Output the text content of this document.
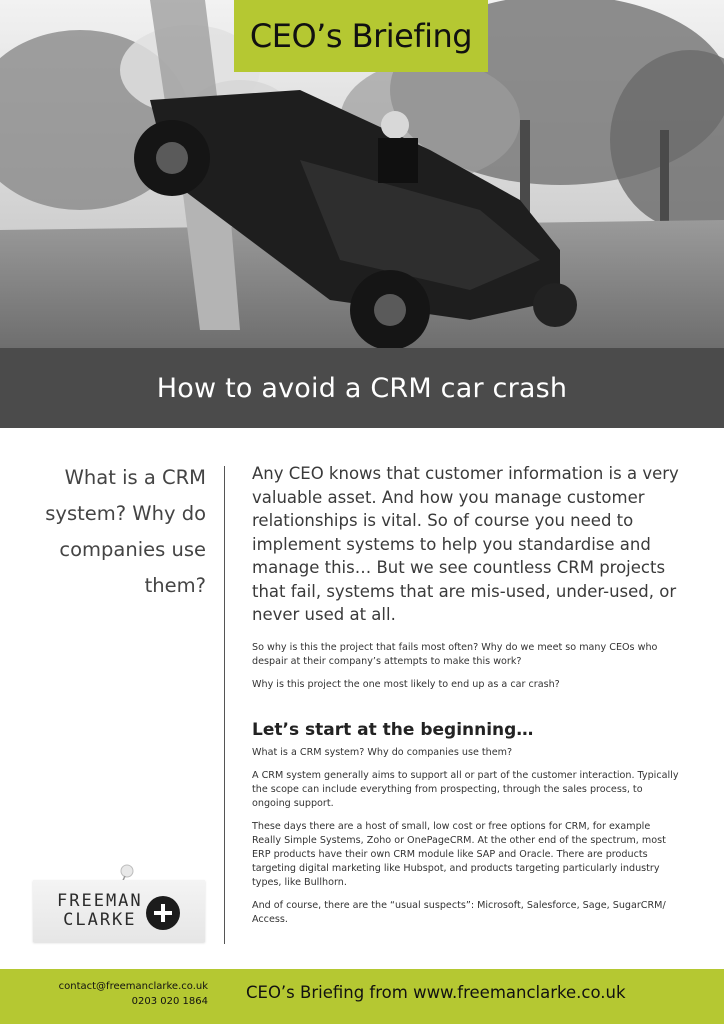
CEO’s Briefing
How to avoid a CRM car crash
What is a CRM
system? Why do
companies use
them?
FREEMAN
CLARKE

Any CEO knows that customer information is a very valuable asset. And how you manage customer relationships is vital. So of course you need to implement systems to help you standardise and manage this… But we see countless CRM projects that fail, systems that are mis-used, under-used, or never used at all.

So why is this the project that fails most often? Why do we meet so many CEOs who despair at their company’s attempts to make this work?

Why is this project the one most likely to end up as a car crash?

Let’s start at the beginning…

What is a CRM system? Why do companies use them?

A CRM system generally aims to support all or part of the customer interaction. Typically the scope can include everything from prospecting, through the sales process, to ongoing support.

These days there are a host of small, low cost or free options for CRM, for example Really Simple Systems, Zoho or OnePageCRM. At the other end of the spectrum, most ERP products have their own CRM module like SAP and Oracle. There are products targeting digital marketing like Hubspot, and products targeting particularly industry types, like Bullhorn.

And of course, there are the “usual suspects”: Microsoft, Salesforce, Sage, SugarCRM/ Access.

contact@freemanclarke.co.uk
0203 020 1864 CEO’s Briefing from www.freemanclarke.co.uk
